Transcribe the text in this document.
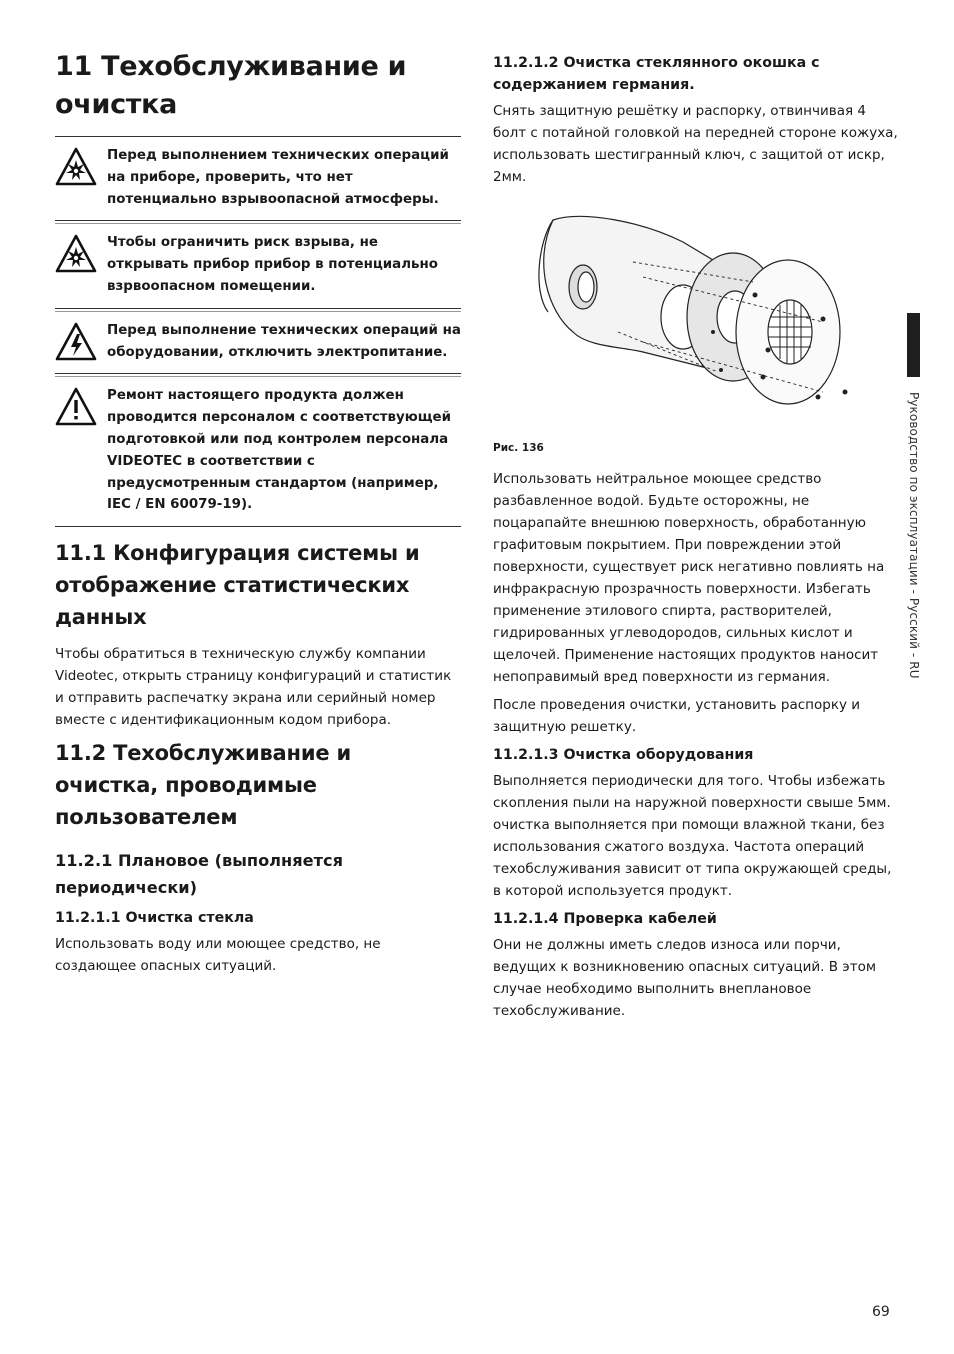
11 Техобслуживание и очистка
Перед выполнением технических операций на приборе, проверить, что нет потенциально взрывоопасной атмосферы.
Чтобы ограничить риск взрыва, не открывать прибор прибор в потенциально взрвоопасном помещении.
Перед выполнение технических операций на оборудовании, отключить электропитание.
Ремонт настоящего продукта должен проводится персоналом с соответствующей подготовкой или под контролем персонала VIDEOTEC в соответствии с предусмотренным стандартом (например, IEC / EN 60079-19).
11.1 Конфигурация системы и отображение статистических данных

Чтобы обратиться в техническую службу компании Videotec, открыть страницу конфигураций и статистик и отправить распечатку экрана или серийный номер вместе с идентификационным кодом прибора.

11.2 Техобслуживание и очистка, проводимые пользователем
11.2.1 Плановое (выполняется периодически)
11.2.1.1 Очистка стекла

Использовать воду или моющее средство, не создающее опасных ситуаций.

11.2.1.2 Очистка стеклянного окошка с содержанием германия.

Снять защитную решётку и распорку, отвинчивая 4 болт с потайной головкой на передней стороне кожуха, использовать шестигранный ключ, с защитой от искр, 2мм.

Рис. 136

Использовать нейтральное моющее средство разбавленное водой. Будьте осторожны, не поцарапайте внешнюю поверхность, обработанную графитовым покрытием. При повреждении этой поверхности, существует риск негативно повлиять на инфракрасную прозрачность поверхности. Избегать применение этилового спирта, растворителей, гидрированных углеводородов, сильных кислот и щелочей. Применение настоящих продуктов наносит непоправимый вред поверхности из германия.

После проведения очистки, установить распорку и защитную решетку.

11.2.1.3 Очистка оборудования

Выполняется периодически для того. Чтобы избежать скопления пыли на наружной поверхности свыше 5мм. очистка выполняется при помощи влажной ткани, без использования сжатого воздуха. Частота операций техобслуживания зависит от типа окружающей среды, в которой используется продукт.

11.2.1.4 Проверка кабелей

Они не должны иметь следов износа или порчи, ведущих к возникновению опасных ситуаций. В этом случае необходимо выполнить внеплановое техобслуживание.

Руководство по эксплуатации - Русский - RU
69
